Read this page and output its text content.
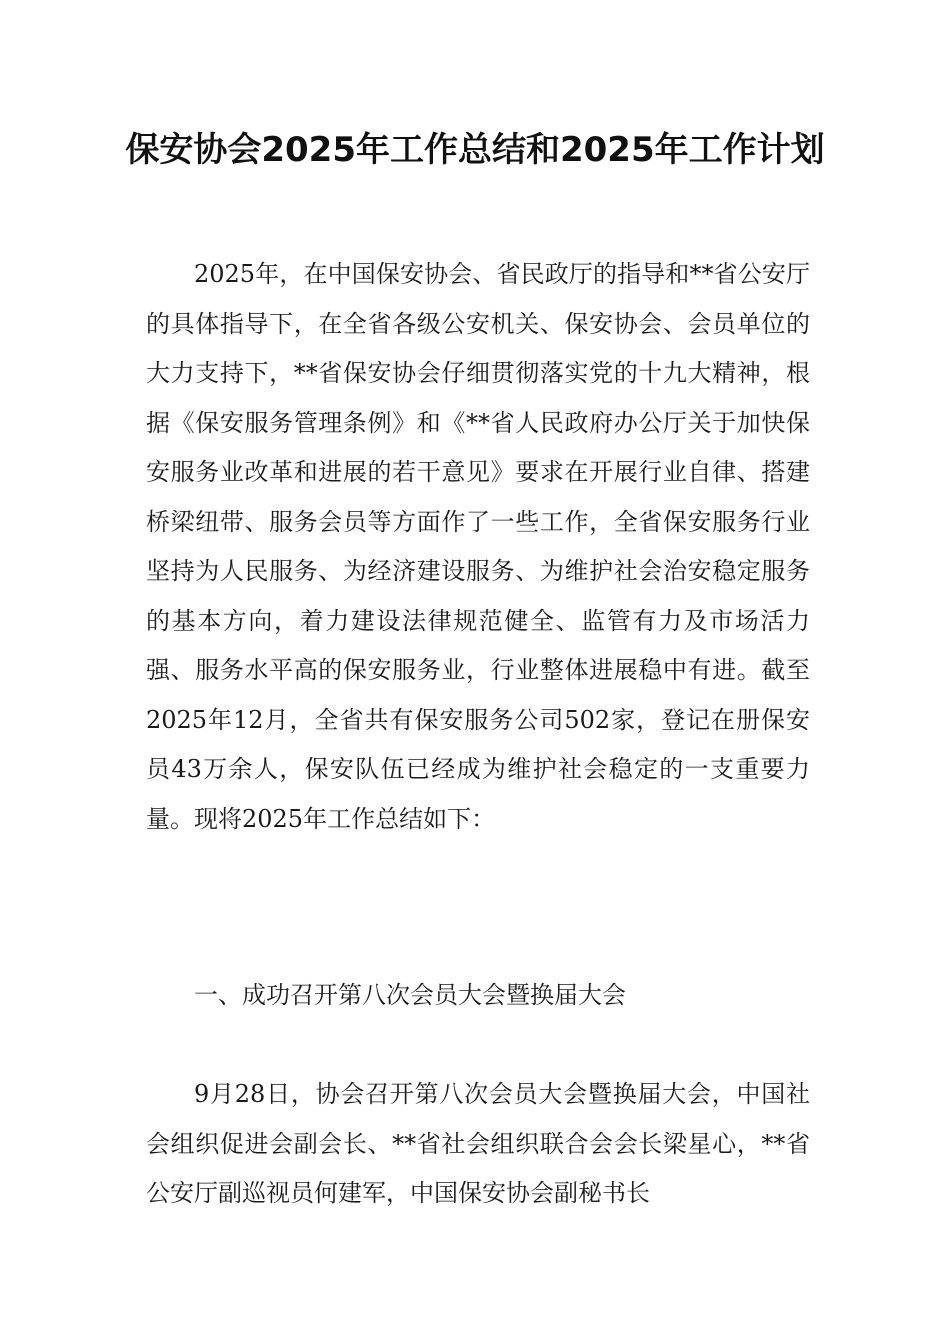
保安协会2025年工作总结和2025年工作计划

2025年，在中国保安协会、省民政厅的指导和**省公安厅的具体指导下，在全省各级公安机关、保安协会、会员单位的大力支持下，**省保安协会仔细贯彻落实党的十九大精神，根据《保安服务管理条例》和《**省人民政府办公厅关于加快保安服务业改革和进展的若干意见》要求在开展行业自律、搭建桥梁纽带、服务会员等方面作了一些工作，全省保安服务行业坚持为人民服务、为经济建设服务、为维护社会治安稳定服务的基本方向，着力建设法律规范健全、监管有力及市场活力强、服务水平高的保安服务业，行业整体进展稳中有进。截至2025年12月，全省共有保安服务公司502家，登记在册保安员43万余人，保安队伍已经成为维护社会稳定的一支重要力量。现将2025年工作总结如下：

一、成功召开第八次会员大会暨换届大会

9月28日，协会召开第八次会员大会暨换届大会，中国社会组织促进会副会长、**省社会组织联合会会长梁星心，**省公安厅副巡视员何建军，中国保安协会副秘书长
